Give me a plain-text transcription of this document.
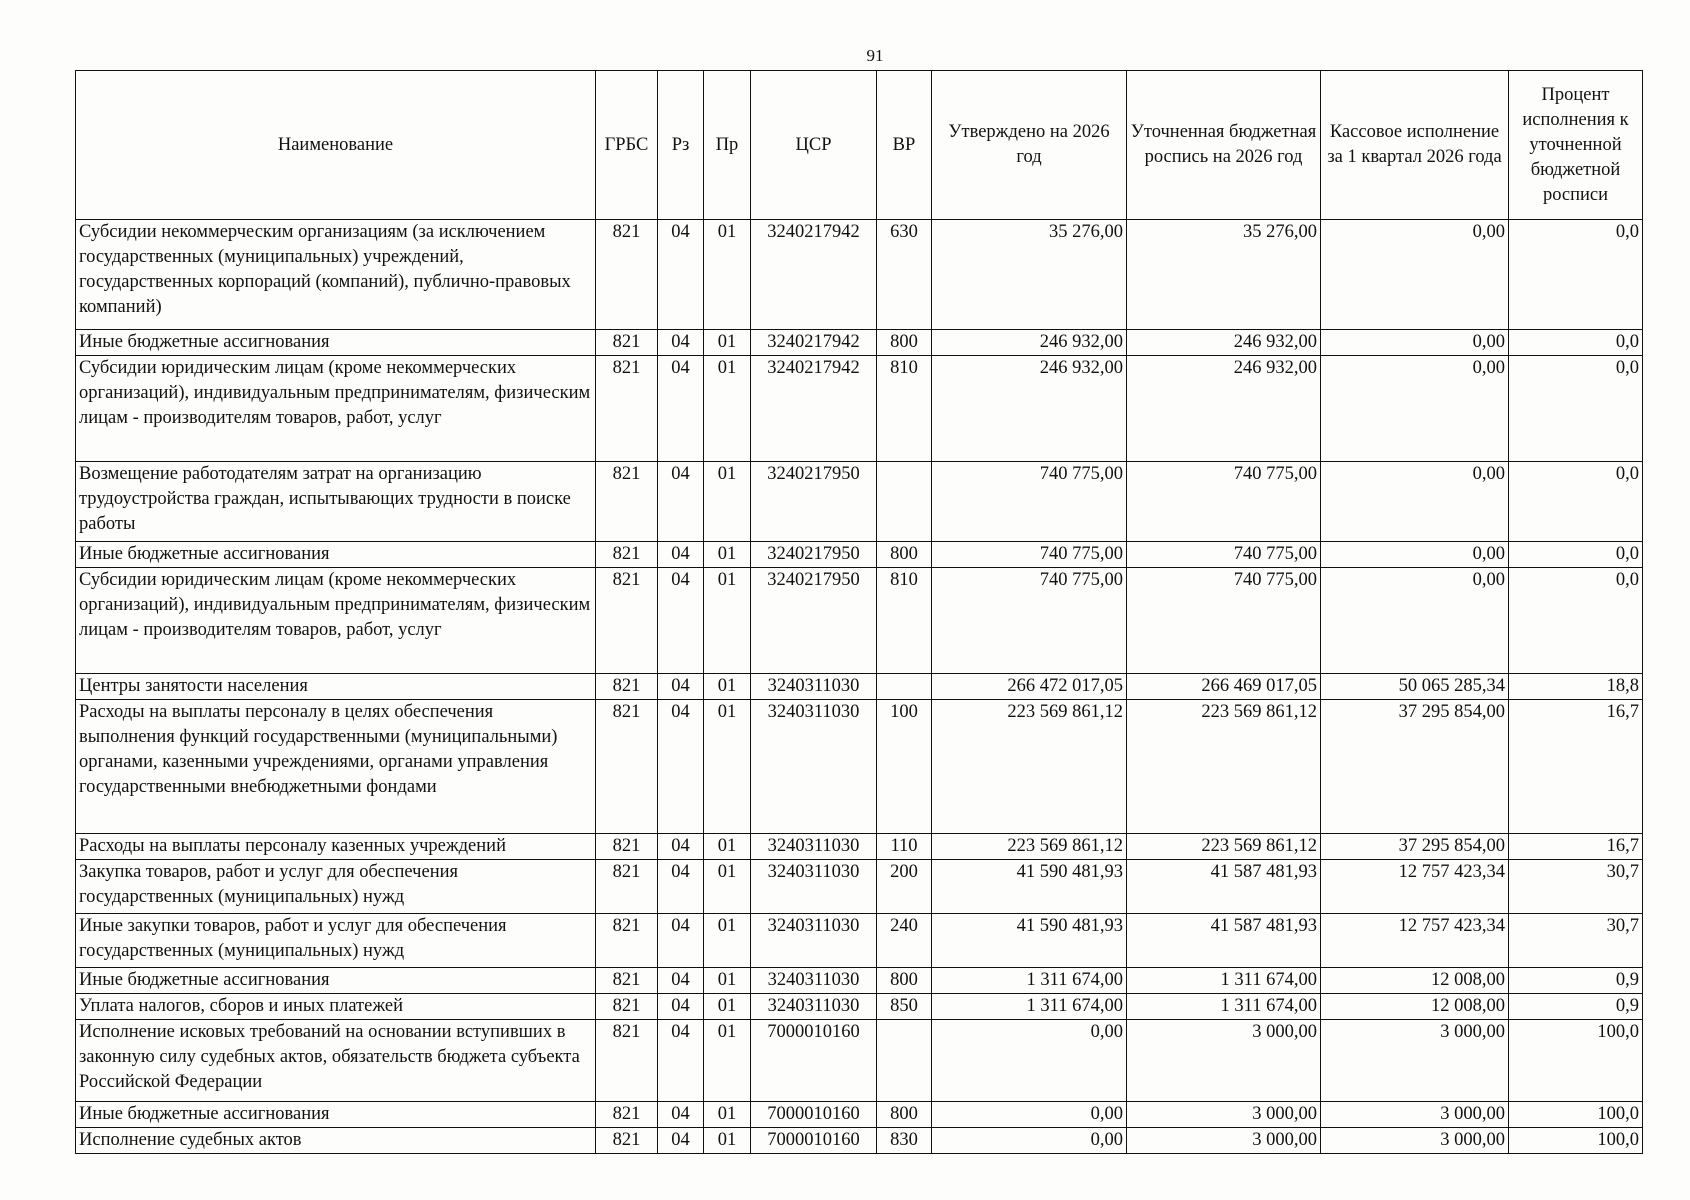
91
Наименование	ГРБС	Рз	Пр	ЦСР	ВР	Утверждено на 2026 год	Уточненная бюджетная роспись на 2026 год	Кассовое исполнение за 1 квартал 2026 года	Процент исполнения к уточненной бюджетной росписи
Субсидии некоммерческим организациям (за исключением государственных (муниципальных) учреждений, государственных корпораций (компаний), публично-правовых компаний)	821	04	01	3240217942	630	35 276,00	35 276,00	0,00	0,0
Иные бюджетные ассигнования	821	04	01	3240217942	800	246 932,00	246 932,00	0,00	0,0
Субсидии юридическим лицам (кроме некоммерческих организаций), индивидуальным предпринимателям, физическим лицам - производителям товаров, работ, услуг	821	04	01	3240217942	810	246 932,00	246 932,00	0,00	0,0
Возмещение работодателям затрат на организацию трудоустройства граждан, испытывающих трудности в поиске работы	821	04	01	3240217950		740 775,00	740 775,00	0,00	0,0
Иные бюджетные ассигнования	821	04	01	3240217950	800	740 775,00	740 775,00	0,00	0,0
Субсидии юридическим лицам (кроме некоммерческих организаций), индивидуальным предпринимателям, физическим лицам - производителям товаров, работ, услуг	821	04	01	3240217950	810	740 775,00	740 775,00	0,00	0,0
Центры занятости населения	821	04	01	3240311030		266 472 017,05	266 469 017,05	50 065 285,34	18,8
Расходы на выплаты персоналу в целях обеспечения выполнения функций государственными (муниципальными) органами, казенными учреждениями, органами управления государственными внебюджетными фондами	821	04	01	3240311030	100	223 569 861,12	223 569 861,12	37 295 854,00	16,7
Расходы на выплаты персоналу казенных учреждений	821	04	01	3240311030	110	223 569 861,12	223 569 861,12	37 295 854,00	16,7
Закупка товаров, работ и услуг для обеспечения государственных (муниципальных) нужд	821	04	01	3240311030	200	41 590 481,93	41 587 481,93	12 757 423,34	30,7
Иные закупки товаров, работ и услуг для обеспечения государственных (муниципальных) нужд	821	04	01	3240311030	240	41 590 481,93	41 587 481,93	12 757 423,34	30,7
Иные бюджетные ассигнования	821	04	01	3240311030	800	1 311 674,00	1 311 674,00	12 008,00	0,9
Уплата налогов, сборов и иных платежей	821	04	01	3240311030	850	1 311 674,00	1 311 674,00	12 008,00	0,9
Исполнение исковых требований на основании вступивших в законную силу судебных актов, обязательств бюджета субъекта Российской Федерации	821	04	01	7000010160		0,00	3 000,00	3 000,00	100,0
Иные бюджетные ассигнования	821	04	01	7000010160	800	0,00	3 000,00	3 000,00	100,0
Исполнение судебных актов	821	04	01	7000010160	830	0,00	3 000,00	3 000,00	100,0
